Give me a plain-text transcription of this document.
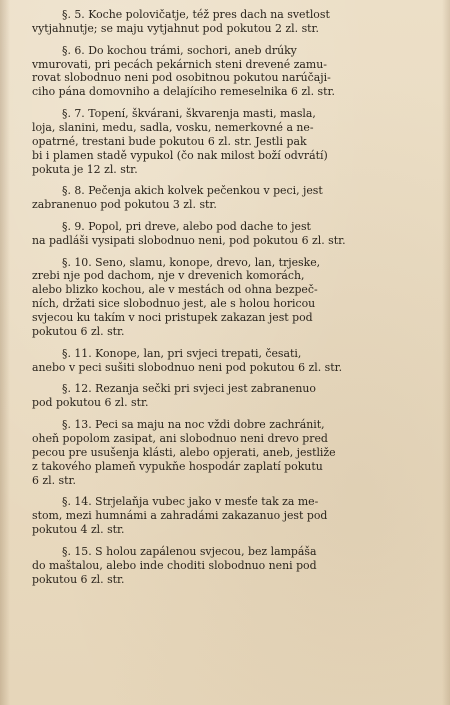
§. 5. Koche polovičatje, též pres dach na svetlost
vytjahnutje; se maju vytjahnut pod pokutou 2 zl. str.
§. 6. Do kochou trámi, sochori, aneb drúky
vmurovati, pri pecách pekárnich steni drevené zamu-
rovat slobodnuo neni pod osobitnou pokutou narúčaji-
ciho pána domovniho a delajíciho remeselnika 6 zl. str.
§. 7. Topení, škvárani, škvarenja masti, masla,
loja, slanini, medu, sadla, vosku, nemerkovné a ne-
opatrné, trestani bude pokutou 6 zl. str. Jestli pak
bi i plamen stadě vypukol (čo nak milost boží odvrátí)
pokuta je 12 zl. str.
§. 8. Pečenja akich kolvek pečenkou v peci, jest
zabranenuo pod pokutou 3 zl. str.
§. 9. Popol, pri dreve, alebo pod dache to jest
na padláši vysipati slobodnuo neni, pod pokutou 6 zl. str.
§. 10. Seno, slamu, konope, drevo, lan, trjeske,
zrebi nje pod dachom, nje v drevenich komorách,
alebo blizko kochou, ale v mestách od ohna bezpeč-
ních, držati sice slobodnuo jest, ale s holou horicou
svjecou ku takím v noci pristupek zakazan jest pod
pokutou 6 zl. str.
§. 11. Konope, lan, pri svjeci trepati, česati,
anebo v peci sušiti slobodnuo neni pod pokutou 6 zl. str.
§. 12. Rezanja sečki pri svjeci jest zabranenuo
pod pokutou 6 zl. str.
§. 13. Peci sa maju na noc vždi dobre zachránit,
oheň popolom zasipat, ani slobodnuo neni drevo pred
pecou pre usušenja klásti, alebo opjerati, aneb, jestliže
z takového plameň vypukňe hospodár zaplatí pokutu
6 zl. str.
§. 14. Strjelaňja vubec jako v mesťe tak za me-
stom, mezi humnámi a zahradámi zakazanuo jest pod
pokutou 4 zl. str.
§. 15. S holou zapálenou svjecou, bez lampáša
do maštalou, alebo inde choditi slobodnuo neni pod
pokutou 6 zl. str.
